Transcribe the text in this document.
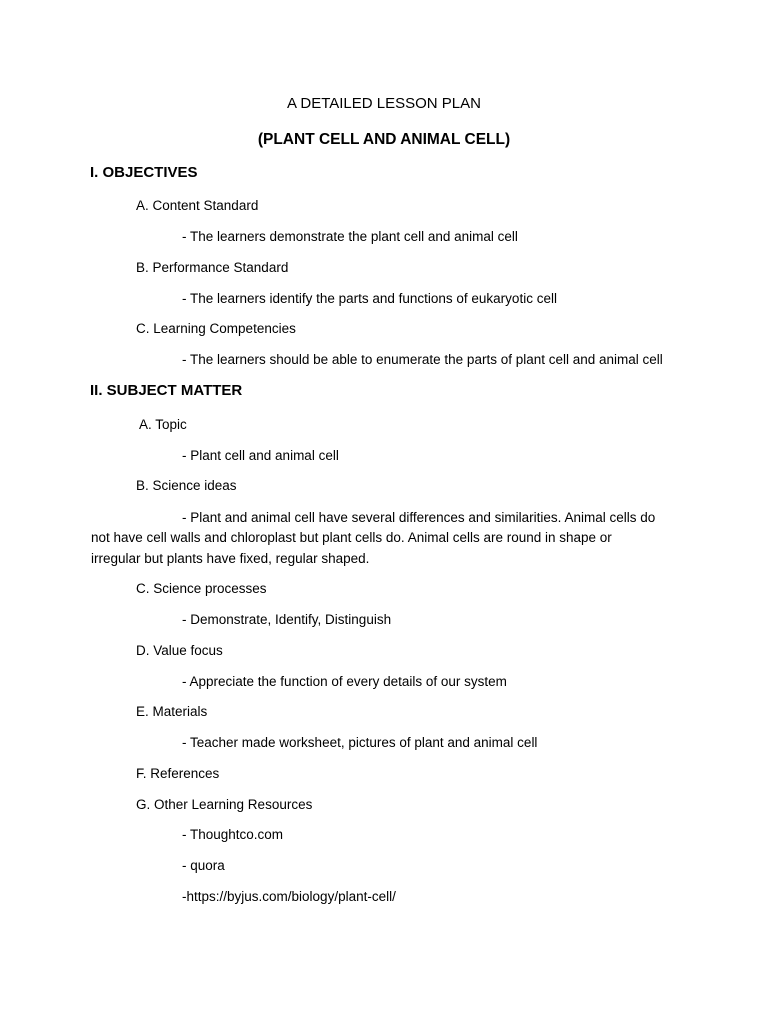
A DETAILED LESSON PLAN
(PLANT CELL AND ANIMAL CELL)
I. OBJECTIVES
A. Content Standard
- The learners demonstrate the plant cell and animal cell
B. Performance Standard
- The learners identify the parts and functions of eukaryotic cell
C. Learning Competencies
- The learners should be able to enumerate the parts of plant cell and animal cell
II. SUBJECT MATTER
A. Topic
- Plant cell and animal cell
B. Science ideas
- Plant and animal cell have several differences and similarities. Animal cells do
not have cell walls and chloroplast but plant cells do. Animal cells are round in shape or
irregular but plants have fixed, regular shaped.
C. Science processes
- Demonstrate, Identify, Distinguish
D. Value focus
- Appreciate the function of every details of our system
E. Materials
- Teacher made worksheet, pictures of plant and animal cell
F. References
G. Other Learning Resources
- Thoughtco.com
- quora
-https://byjus.com/biology/plant-cell/
